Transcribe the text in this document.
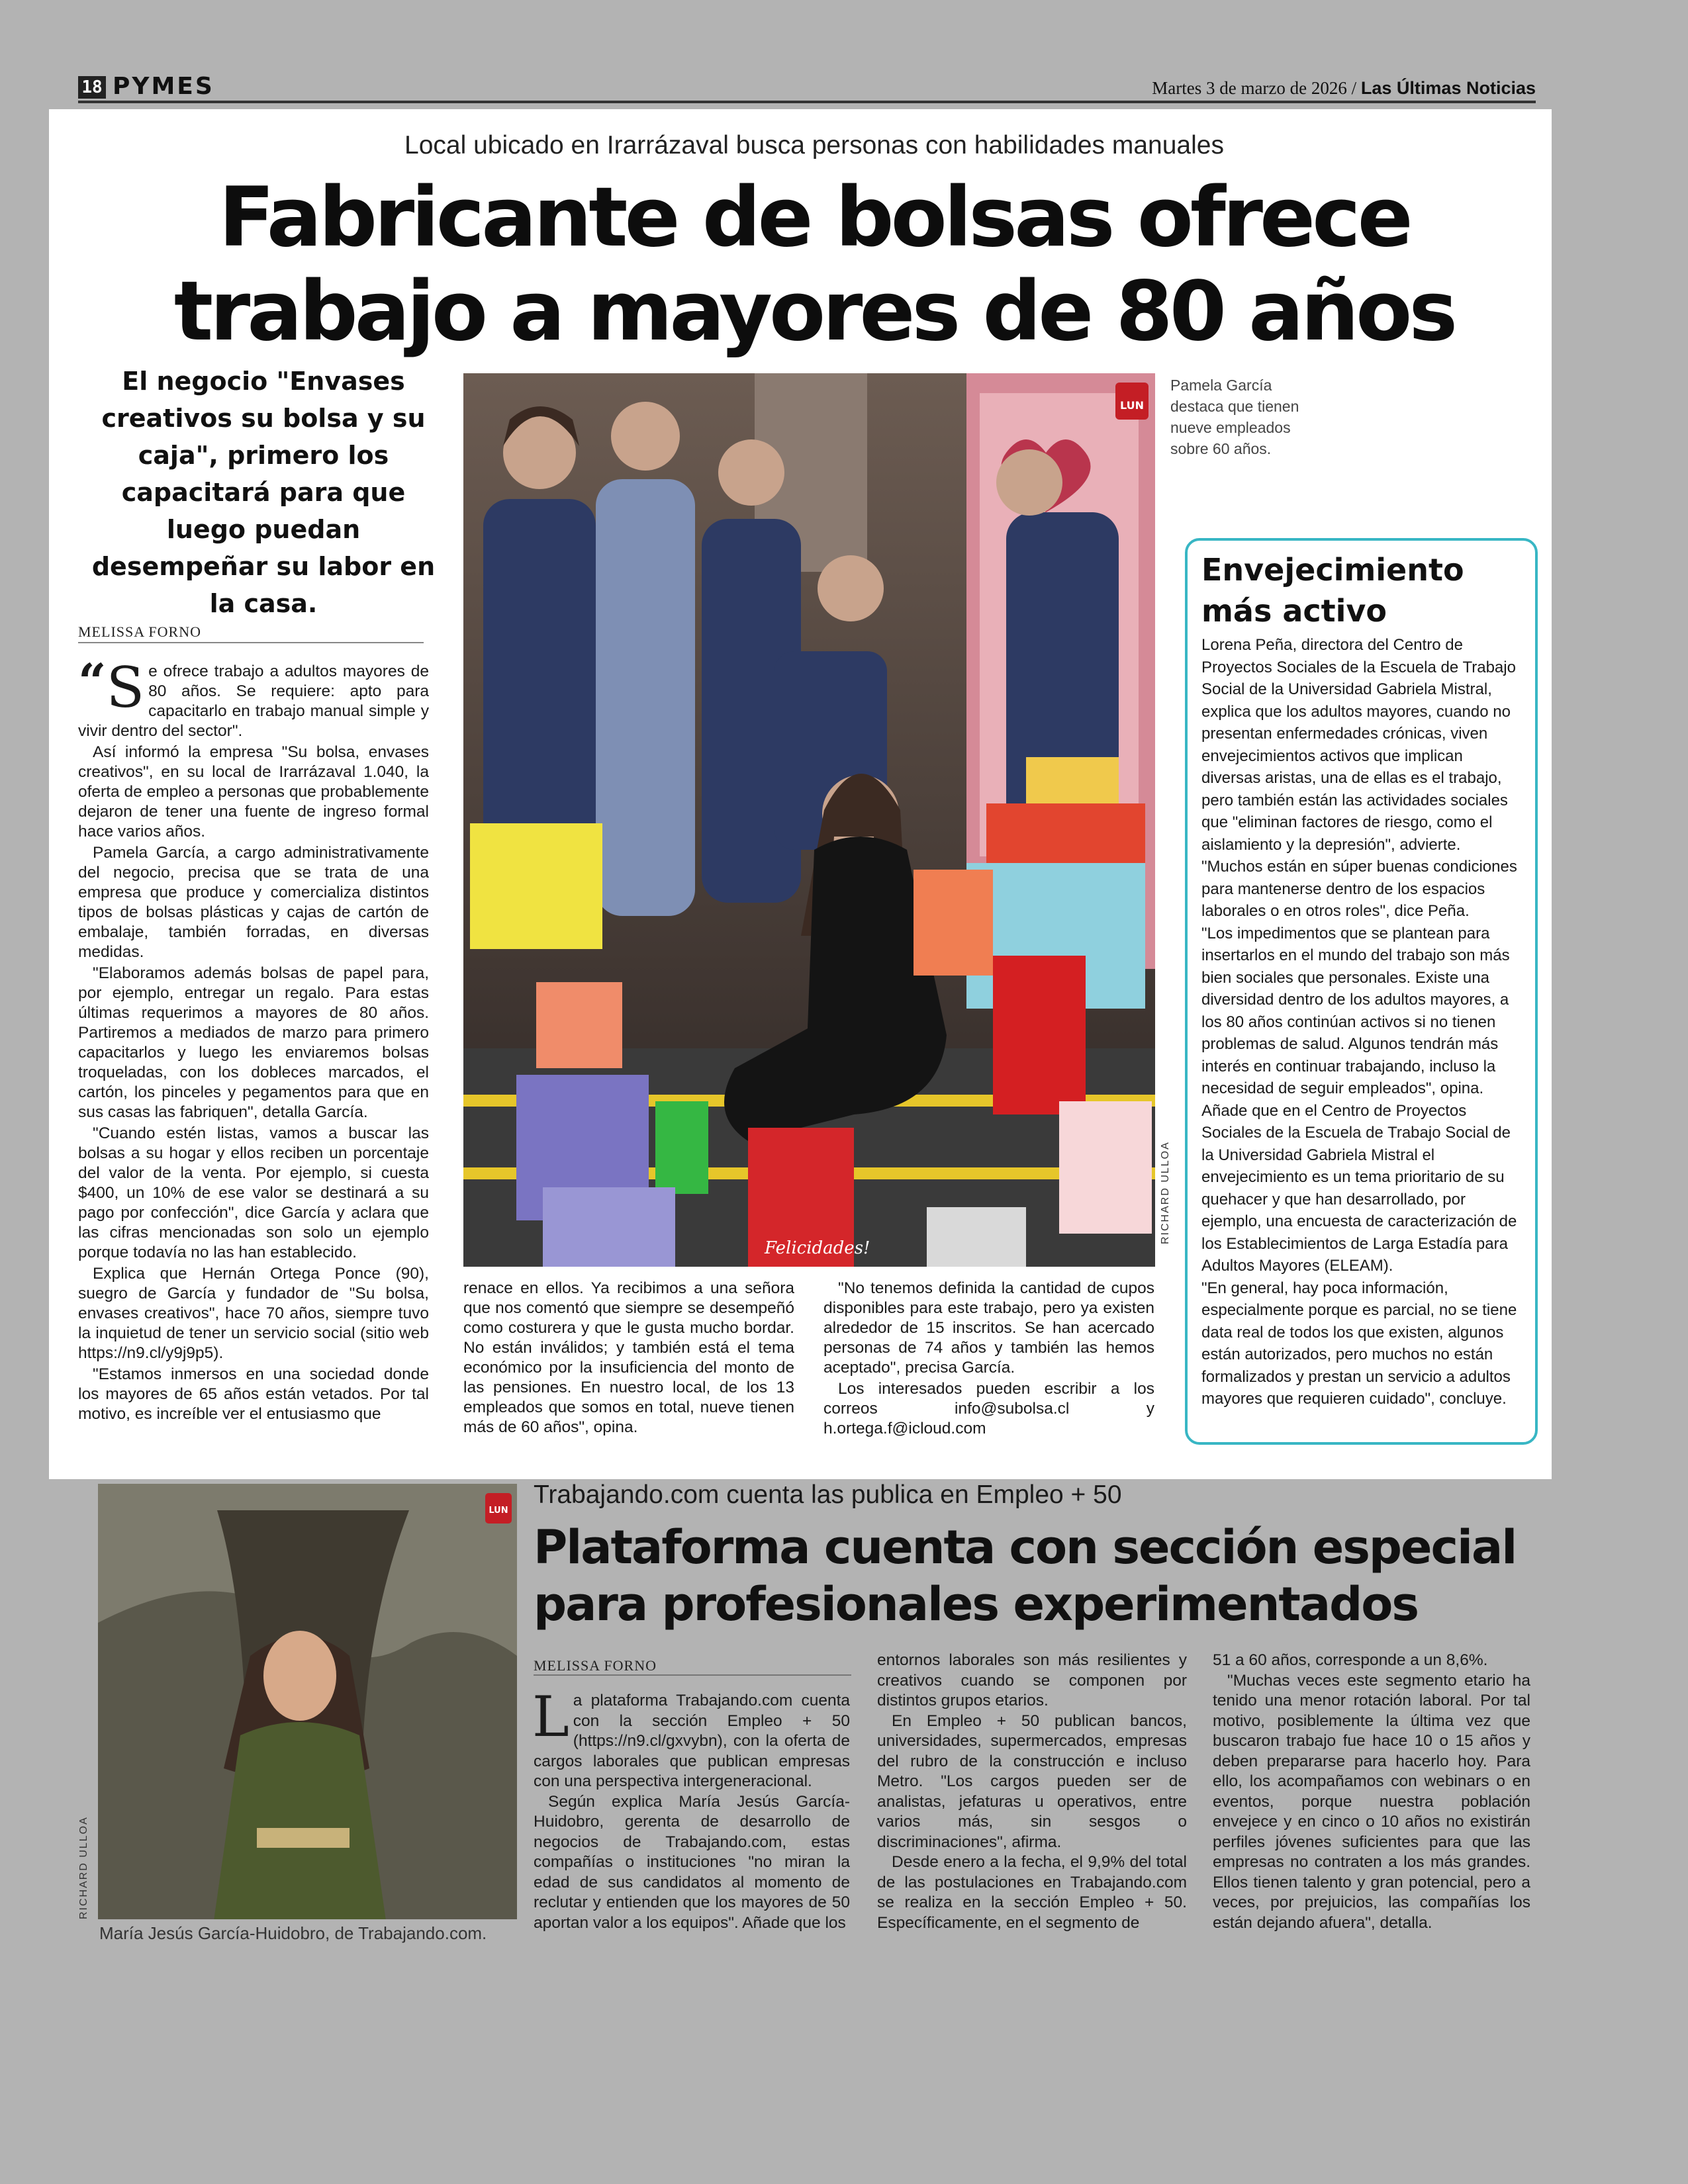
18 PYMES	Martes 3 de marzo de 2026 / Las Últimas Noticias
Local ubicado en Irarrázaval busca personas con habilidades manuales
Fabricante de bolsas ofrece
trabajo a mayores de 80 años
El negocio "Envases creativos su bolsa y su caja", primero los capacitará para que luego puedan desempeñar su labor en la casa.
MELISSA FORNO

“ S e ofrece trabajo a adultos mayores de 80 años. Se requiere: apto para capacitarlo en trabajo manual simple y vivir dentro del sector".

Así informó la empresa "Su bolsa, envases creativos", en su local de Irarrázaval 1.040, la oferta de empleo a personas que probablemente dejaron de tener una fuente de ingreso formal hace varios años.

Pamela García, a cargo administrativamente del negocio, precisa que se trata de una empresa que produce y comercializa distintos tipos de bolsas plásticas y cajas de cartón de embalaje, también forradas, en diversas medidas.

"Elaboramos además bolsas de papel para, por ejemplo, entregar un regalo. Para estas últimas requerimos a mayores de 80 años. Partiremos a mediados de marzo para primero capacitarlos y luego les enviaremos bolsas troqueladas, con los dobleces marcados, el cartón, los pinceles y pegamentos para que en sus casas las fabriquen", detalla García.

"Cuando estén listas, vamos a buscar las bolsas a su hogar y ellos reciben un porcentaje del valor de la venta. Por ejemplo, si cuesta $400, un 10% de ese valor se destinará a su pago por confección", dice García y aclara que las cifras mencionadas son solo un ejemplo porque todavía no las han establecido.

Explica que Hernán Ortega Ponce (90), suegro de García y fundador de "Su bolsa, envases creativos", hace 70 años, siempre tuvo la inquietud de tener un servicio social (sitio web https://n9.cl/y9j9p5).

"Estamos inmersos en una sociedad donde los mayores de 65 años están vetados. Por tal motivo, es increíble ver el entusiasmo que

renace en ellos. Ya recibimos a una señora que nos comentó que siempre se desempeñó como costurera y que le gusta mucho bordar. No están inválidos; y también está el tema económico por la insuficiencia del monto de las pensiones. En nuestro local, de los 13 empleados que somos en total, nueve tienen más de 60 años", opina.

"No tenemos definida la cantidad de cupos disponibles para este trabajo, pero ya existen alrededor de 15 inscritos. Se han acercado personas de 74 años y también las hemos aceptado", precisa García.

Los interesados pueden escribir a los correos info@subolsa.cl y h.ortega.f@icloud.com

Felicidades!
LUN
RICHARD ULLOA
Pamela García destaca que tienen nueve empleados sobre 60 años.
Envejecimiento
más activo

Lorena Peña, directora del Centro de Proyectos Sociales de la Escuela de Trabajo Social de la Universidad Gabriela Mistral, explica que los adultos mayores, cuando no presentan enfermedades crónicas, viven envejecimientos activos que implican diversas aristas, una de ellas es el trabajo, pero también están las actividades sociales que "eliminan factores de riesgo, como el aislamiento y la depresión", advierte.

"Muchos están en súper buenas condiciones para mantenerse dentro de los espacios laborales o en otros roles", dice Peña.

"Los impedimentos que se plantean para insertarlos en el mundo del trabajo son más bien sociales que personales. Existe una diversidad dentro de los adultos mayores, a los 80 años continúan activos si no tienen problemas de salud. Algunos tendrán más interés en continuar trabajando, incluso la necesidad de seguir empleados", opina.

Añade que en el Centro de Proyectos Sociales de la Escuela de Trabajo Social de la Universidad Gabriela Mistral el envejecimiento es un tema prioritario de su quehacer y que han desarrollado, por ejemplo, una encuesta de caracterización de los Establecimientos de Larga Estadía para Adultos Mayores (ELEAM).

"En general, hay poca información, especialmente porque es parcial, no se tiene data real de todos los que existen, algunos están autorizados, pero muchos no están formalizados y prestan un servicio a adultos mayores que requieren cuidado", concluye.

LUN
RICHARD ULLOA
María Jesús García-Huidobro, de Trabajando.com.
Trabajando.com cuenta las publica en Empleo + 50
Plataforma cuenta con sección especial
para profesionales experimentados
MELISSA FORNO

La plataforma Trabajando.com cuenta con la sección Empleo + 50 (https://n9.cl/gxvybn), con la oferta de cargos laborales que publican empresas con una perspectiva intergeneracional.

Según explica María Jesús García-Huidobro, gerenta de desarrollo de negocios de Trabajando.com, estas compañías o instituciones "no miran la edad de sus candidatos al momento de reclutar y entienden que los mayores de 50 aportan valor a los equipos". Añade que los

entornos laborales son más resilientes y creativos cuando se componen por distintos grupos etarios.

En Empleo + 50 publican bancos, universidades, supermercados, empresas del rubro de la construcción e incluso Metro. "Los cargos pueden ser de analistas, jefaturas u operativos, entre varios más, sin sesgos o discriminaciones", afirma.

Desde enero a la fecha, el 9,9% del total de las postulaciones en Trabajando.com se realiza en la sección Empleo + 50. Específicamente, en el segmento de

51 a 60 años, corresponde a un 8,6%.

"Muchas veces este segmento etario ha tenido una menor rotación laboral. Por tal motivo, posiblemente la última vez que buscaron trabajo fue hace 10 o 15 años y deben prepararse para hacerlo hoy. Para ello, los acompañamos con webinars o en eventos, porque nuestra población envejece y en cinco o 10 años no existirán perfiles jóvenes suficientes para que las empresas no contraten a los más grandes. Ellos tienen talento y gran potencial, pero a veces, por prejuicios, las compañías los están dejando afuera", detalla.
